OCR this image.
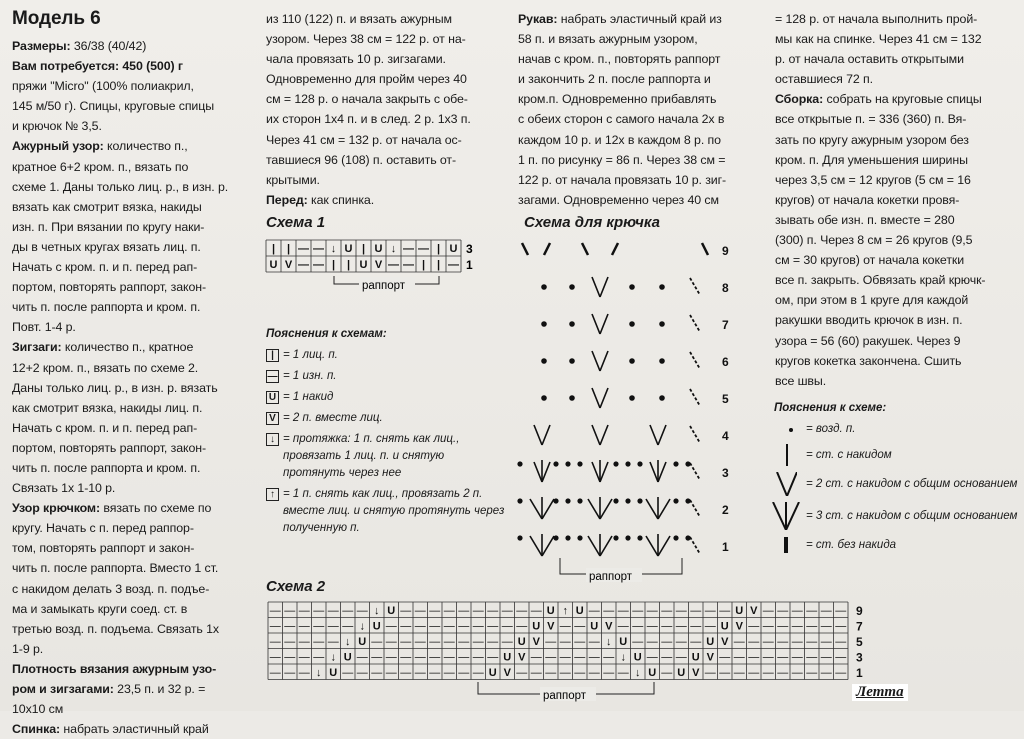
Модель 6

Размеры: 36/38 (40/42)

Вам потребуется: 450 (500) г

пряжи "Micro" (100% полиакрил,

145 м/50 г). Спицы, круговые спицы

и крючок № 3,5.

Ажурный узор: количество п.,

кратное 6+2 кром. п., вязать по

схеме 1. Даны только лиц. р., в изн. р.

вязать как смотрит вязка, накиды

изн. п. При вязании по кругу наки-

ды в четных кругах вязать лиц. п.

Начать с кром. п. и п. перед рап-

портом, повторять раппорт, закон-

чить п. после раппорта и кром. п.

Повт. 1-4 р.

Зигзаги: количество п., кратное

12+2 кром. п., вязать по схеме 2.

Даны только лиц. р., в изн. р. вязать

как смотрит вязка, накиды лиц. п.

Начать с кром. п. и п. перед рап-

портом, повторять раппорт, закон-

чить п. после раппорта и кром. п.

Связать 1х 1-10 р.

Узор крючком: вязать по схеме по

кругу. Начать с п. перед раппор-

том, повторять раппорт и закон-

чить п. после раппорта. Вместо 1 ст.

с накидом делать 3 возд. п. подъе-

ма и замыкать круги соед. ст. в

третью возд. п. подъема. Связать 1х

1-9 р.

Плотность вязания ажурным узо-

ром и зигзагами: 23,5 п. и 32 р. =

10х10 см

Спинка: набрать эластичный край

из 110 (122) п. и вязать ажурным

узором. Через 38 см = 122 р. от на-

чала провязать 10 р. зигзагами.

Одновременно для пройм через 40

см = 128 р. о начала закрыть с обе-

их сторон 1х4 п. и в след. 2 р. 1х3 п.

Через 41 см = 132 р. от начала ос-

тавшиеся 96 (108) п. оставить от-

крытыми.

Перед: как спинка.

Рукав: набрать эластичный край из

58 п. и вязать ажурным узором,

начав с кром. п., повторять раппорт

и закончить 2 п. после раппорта и

кром.п. Одновременно прибавлять

с обеих сторон с самого начала 2х в

каждом 10 р. и 12х в каждом 8 р. по

1 п. по рисунку = 86 п. Через 38 см =

122 р. от начала провязать 10 р. зиг-

загами. Одновременно через 40 см

= 128 р. от начала выполнить прой-

мы как на спинке. Через 41 см = 132

р. от начала оставить открытыми

оставшиеся 72 п.

Сборка: собрать на круговые спицы

все открытые п. = 336 (360) п. Вя-

зать по кругу ажурным узором без

кром. п. Для уменьшения ширины

через 3,5 см = 12 кругов (5 см = 16

кругов) от начала кокетки провя-

зывать обе изн. п. вместе = 280

(300) п. Через 8 см = 26 кругов (9,5

см = 30 кругов) от начала кокетки

все п. закрыть. Обвязать край крючк-

ом, при этом в 1 круге для каждой

ракушки вводить крючок в изн. п.

узора = 56 (60) ракушек. Через 9

кругов кокетка закончена. Сшить

все швы.

Схема 1
| | — — ↓ U | U ↓ — — | U
U V — — | | U V — — | | —
3
1
раппорт
Пояснения к схемам:
| = 1 лиц. п.
— = 1 изн. п.
U = 1 накид
V = 2 п. вместе лиц.
↓ = протяжка: 1 п. снять как лиц., провязать 1 лиц. п. и снятую протянуть через нее
↑ = 1 п. снять как лиц., провязать 2 п. вместе лиц. и снятую протянуть через полученную п.
Схема для крючка
9
8
7
6
5
4
3
2
1
раппорт
Пояснения к схеме:
= возд. п.
= ст. с накидом
= 2 ст. с накидом с общим основанием
= 3 ст. с накидом с общим основанием
= ст. без накида
Схема 2
— — — — — — — ↓ U — — — — — — — — — — U ↑ U — — — — — — — — — — U V — — — — — —
— — — — — — ↓ U — — — — — — — — — — U V — — U V — — — — — — — U V — — — — — — —
— — — — — ↓ U — — — — — — — — — — U V — — — — ↓ U — — — — — U V — — — — — — — —
— — — — ↓ U — — — — — — — — — — U V — — — — — — ↓ U — — — U V — — — — — — — — —
— — — ↓ U — — — — — — — — — — U V — — — — — — — — ↓ U — U V — — — — — — — — — —
9
7
5
3
1
раппорт	Летта
